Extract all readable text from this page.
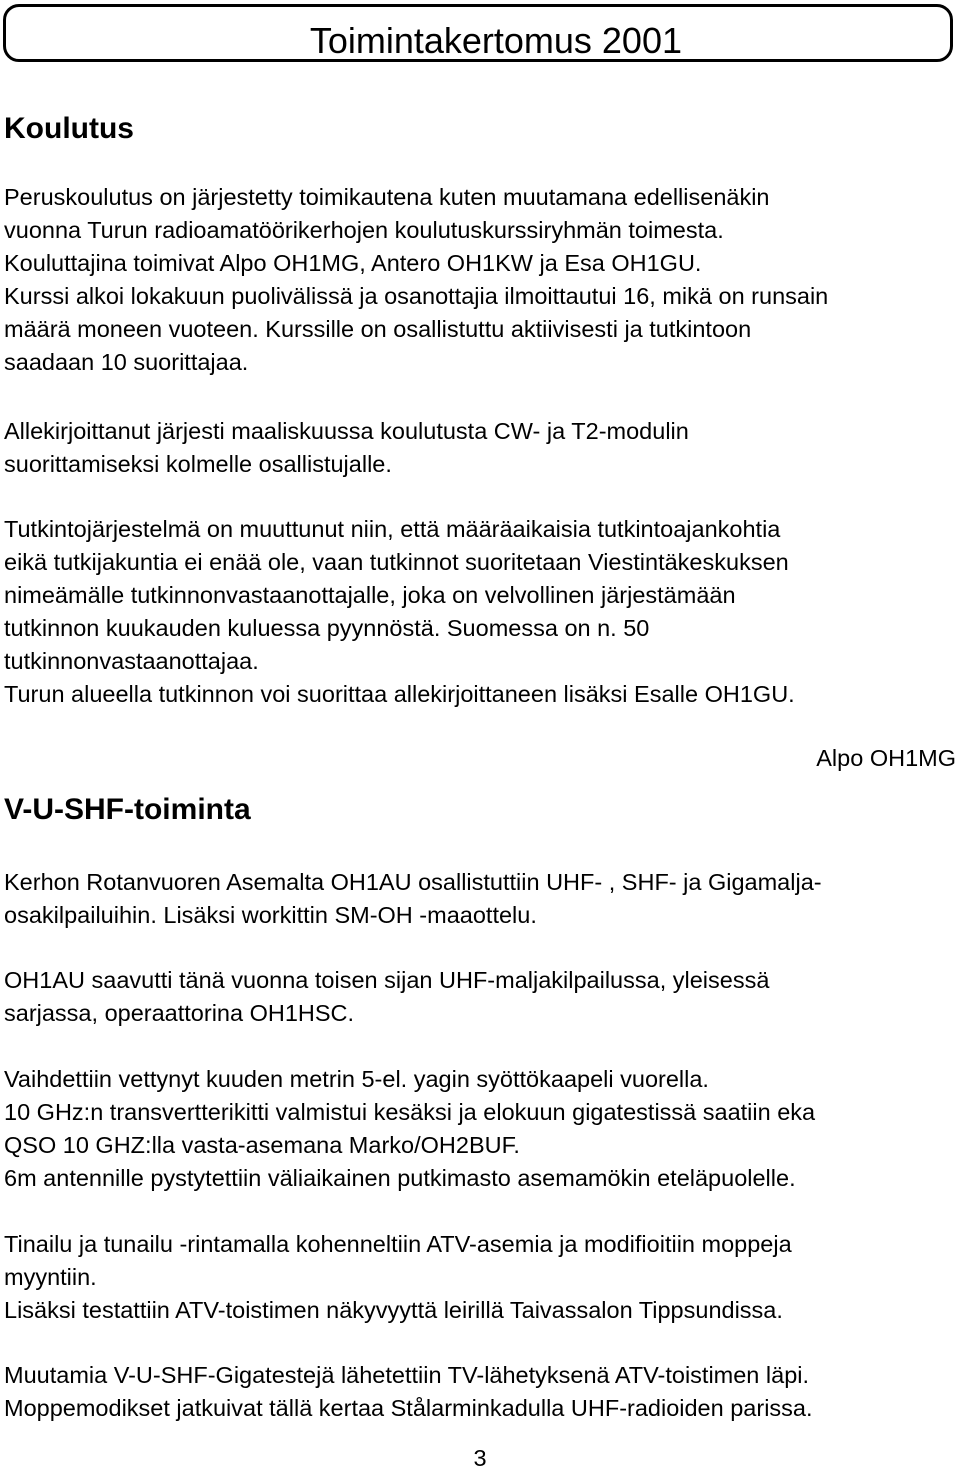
Toimintakertomus 2001
Koulutus
Peruskoulutus on järjestetty toimikautena kuten muutamana edellisenäkin
vuonna Turun radioamatöörikerhojen koulutuskurssiryhmän toimesta.
Kouluttajina toimivat Alpo OH1MG, Antero OH1KW ja Esa OH1GU.
Kurssi alkoi lokakuun puolivälissä ja osanottajia ilmoittautui 16, mikä on runsain
määrä moneen vuoteen. Kurssille on osallistuttu aktiivisesti ja tutkintoon
saadaan 10 suorittajaa.
Allekirjoittanut järjesti maaliskuussa koulutusta CW- ja T2-modulin
suorittamiseksi kolmelle osallistujalle.
Tutkintojärjestelmä on muuttunut niin, että määräaikaisia tutkintoajankohtia
eikä tutkijakuntia ei enää ole, vaan tutkinnot suoritetaan Viestintäkeskuksen
nimeämälle tutkinnonvastaanottajalle, joka on velvollinen järjestämään
tutkinnon kuukauden kuluessa pyynnöstä. Suomessa on n. 50
tutkinnonvastaanottajaa.
Turun alueella tutkinnon voi suorittaa allekirjoittaneen lisäksi Esalle OH1GU.
Alpo OH1MG
V-U-SHF-toiminta
Kerhon Rotanvuoren Asemalta OH1AU osallistuttiin UHF- , SHF- ja Gigamalja-
osakilpailuihin. Lisäksi workittin SM-OH -maaottelu.
OH1AU saavutti tänä vuonna toisen sijan UHF-maljakilpailussa, yleisessä
sarjassa, operaattorina OH1HSC.
Vaihdettiin vettynyt kuuden metrin 5-el. yagin syöttökaapeli vuorella.
10 GHz:n transvertterikitti valmistui kesäksi ja elokuun gigatestissä saatiin eka
QSO 10 GHZ:lla vasta-asemana Marko/OH2BUF.
6m antennille pystytettiin väliaikainen putkimasto asemamökin eteläpuolelle.
Tinailu ja tunailu -rintamalla kohenneltiin ATV-asemia ja modifioitiin moppeja
myyntiin.
Lisäksi testattiin ATV-toistimen näkyvyyttä leirillä Taivassalon Tippsundissa.
Muutamia V-U-SHF-Gigatestejä lähetettiin TV-lähetyksenä ATV-toistimen läpi.
Moppemodikset jatkuivat tällä kertaa Stålarminkadulla UHF-radioiden parissa.
3
